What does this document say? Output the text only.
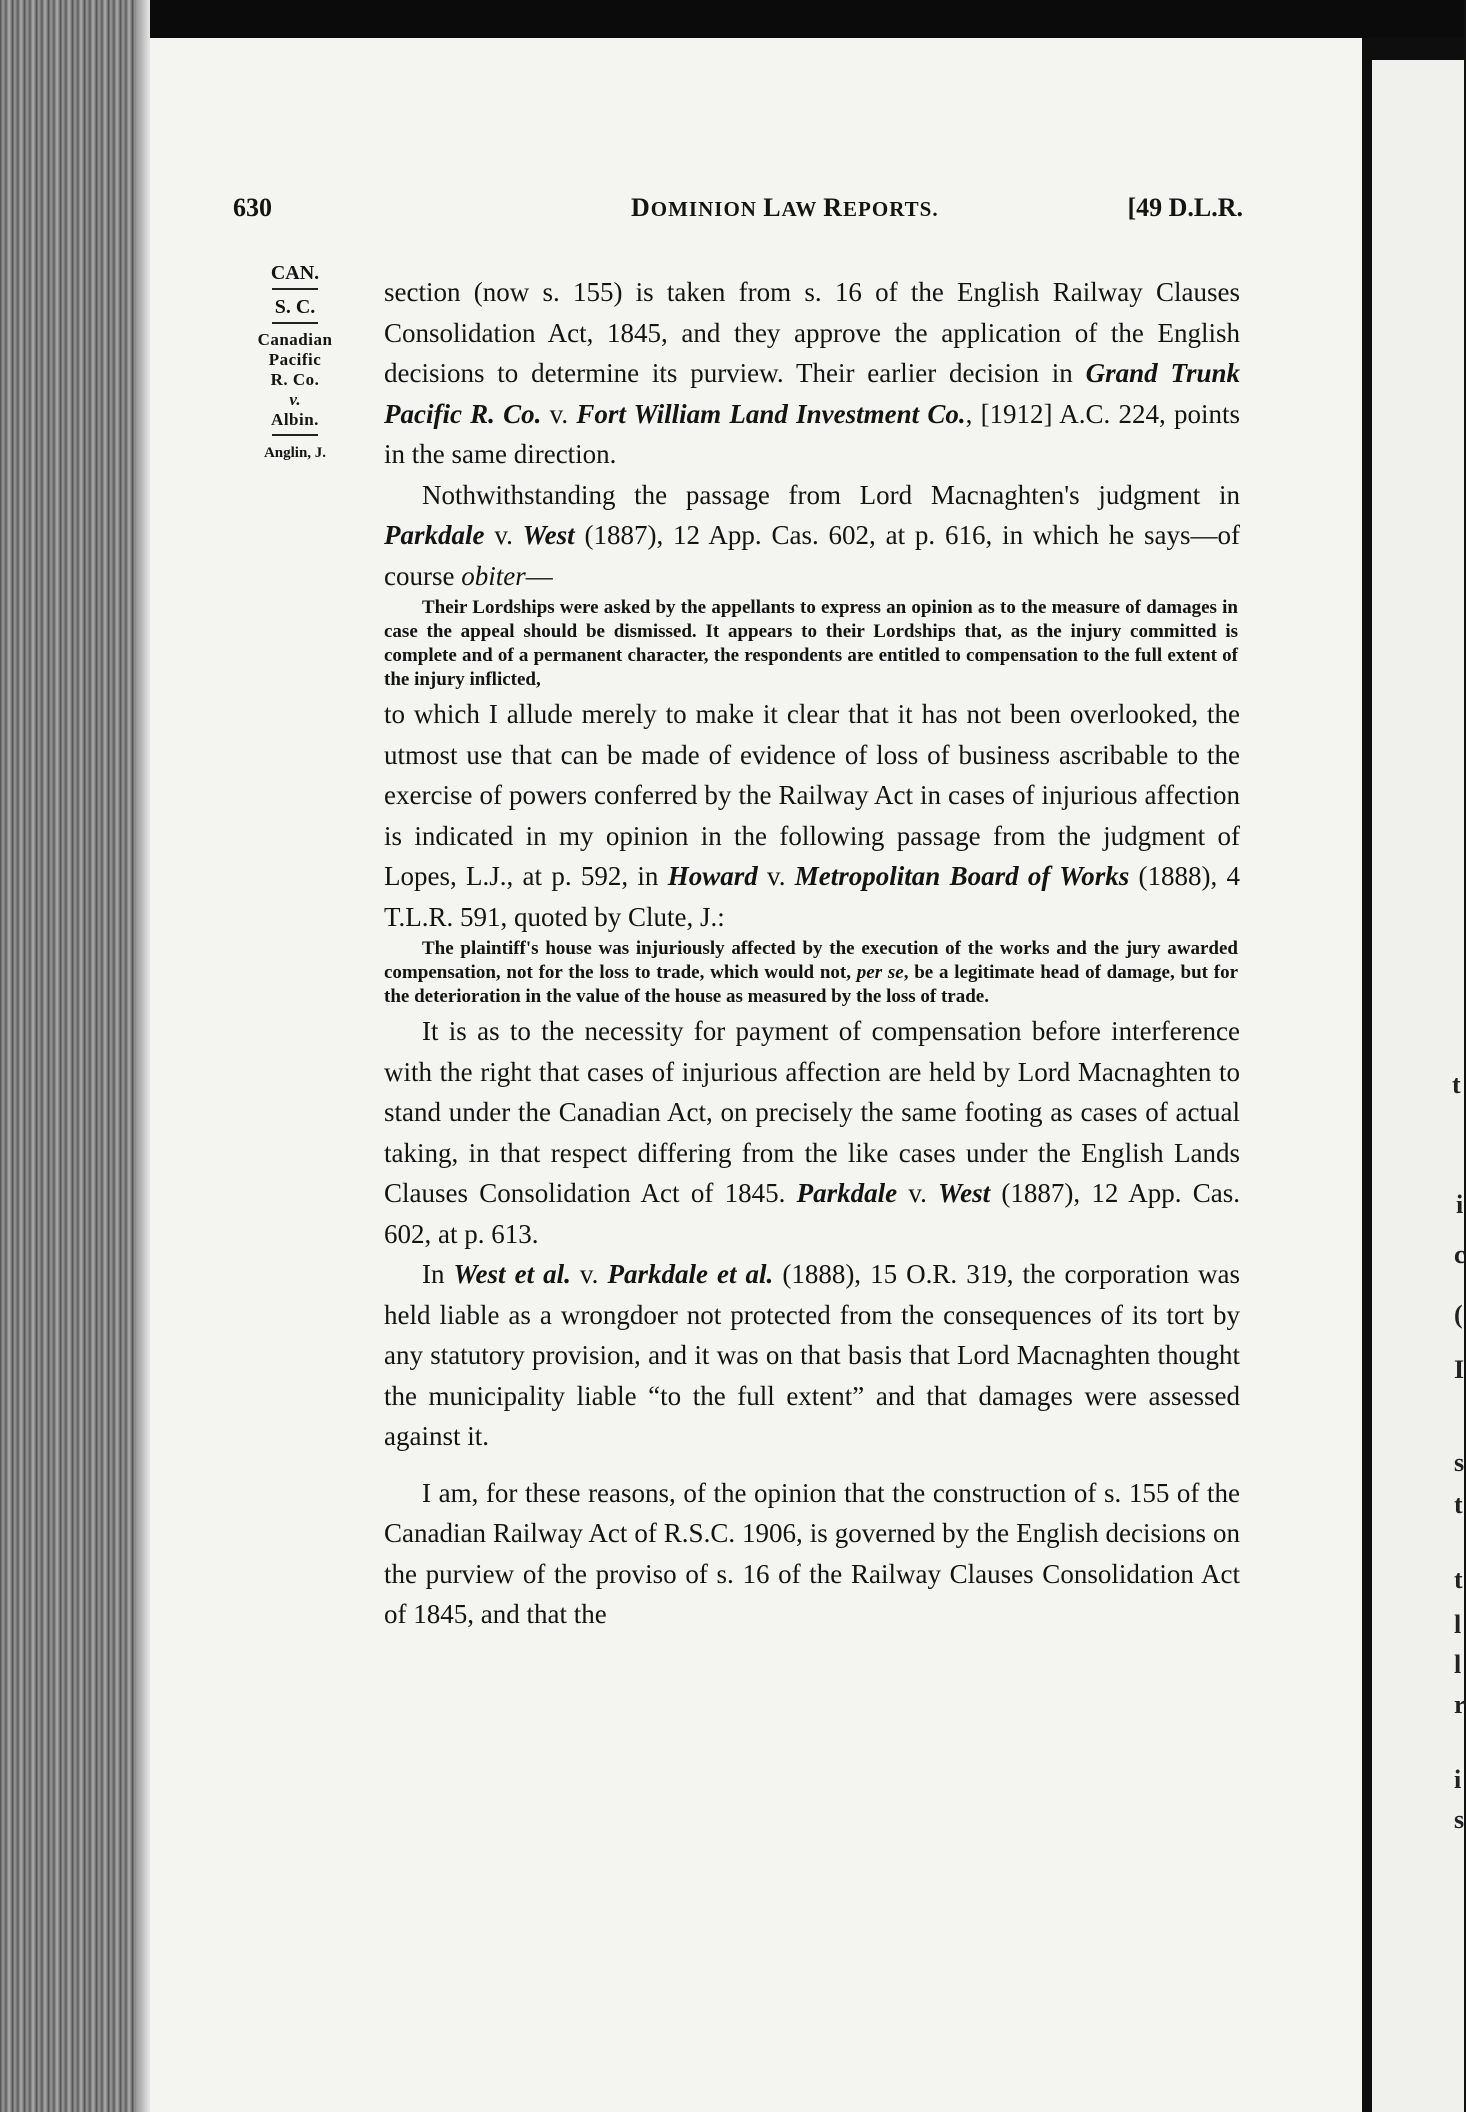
t
i
c
(
I
s
t
t
l
l
r
i
s
630	DOMINION LAW REPORTS.	[49 D.L.R.
CAN.
S. C.
Canadian
Pacific
R. Co.
v.
Albin.
Anglin, J.

section (now s. 155) is taken from s. 16 of the English Railway Clauses Consolidation Act, 1845, and they approve the application of the English decisions to determine its purview. Their earlier decision in Grand Trunk Pacific R. Co. v. Fort William Land Investment Co., [1912] A.C. 224, points in the same direction.

Nothwithstanding the passage from Lord Macnaghten's judgment in Parkdale v. West (1887), 12 App. Cas. 602, at p. 616, in which he says—of course obiter—

Their Lordships were asked by the appellants to express an opinion as to the measure of damages in case the appeal should be dismissed. It appears to their Lordships that, as the injury committed is complete and of a permanent character, the respondents are entitled to compensation to the full extent of the injury inflicted,

to which I allude merely to make it clear that it has not been overlooked, the utmost use that can be made of evidence of loss of business ascribable to the exercise of powers conferred by the Railway Act in cases of injurious affection is indicated in my opinion in the following passage from the judgment of Lopes, L.J., at p. 592, in Howard v. Metropolitan Board of Works (1888), 4 T.L.R. 591, quoted by Clute, J.:

The plaintiff's house was injuriously affected by the execution of the works and the jury awarded compensation, not for the loss to trade, which would not, per se, be a legitimate head of damage, but for the deterioration in the value of the house as measured by the loss of trade.

It is as to the necessity for payment of compensation before interference with the right that cases of injurious affection are held by Lord Macnaghten to stand under the Canadian Act, on precisely the same footing as cases of actual taking, in that respect differing from the like cases under the English Lands Clauses Consolidation Act of 1845. Parkdale v. West (1887), 12 App. Cas. 602, at p. 613.

In West et al. v. Parkdale et al. (1888), 15 O.R. 319, the corporation was held liable as a wrongdoer not protected from the consequences of its tort by any statutory provision, and it was on that basis that Lord Macnaghten thought the municipality liable “to the full extent” and that damages were assessed against it.

I am, for these reasons, of the opinion that the construction of s. 155 of the Canadian Railway Act of R.S.C. 1906, is governed by the English decisions on the purview of the proviso of s. 16 of the Railway Clauses Consolidation Act of 1845, and that the
